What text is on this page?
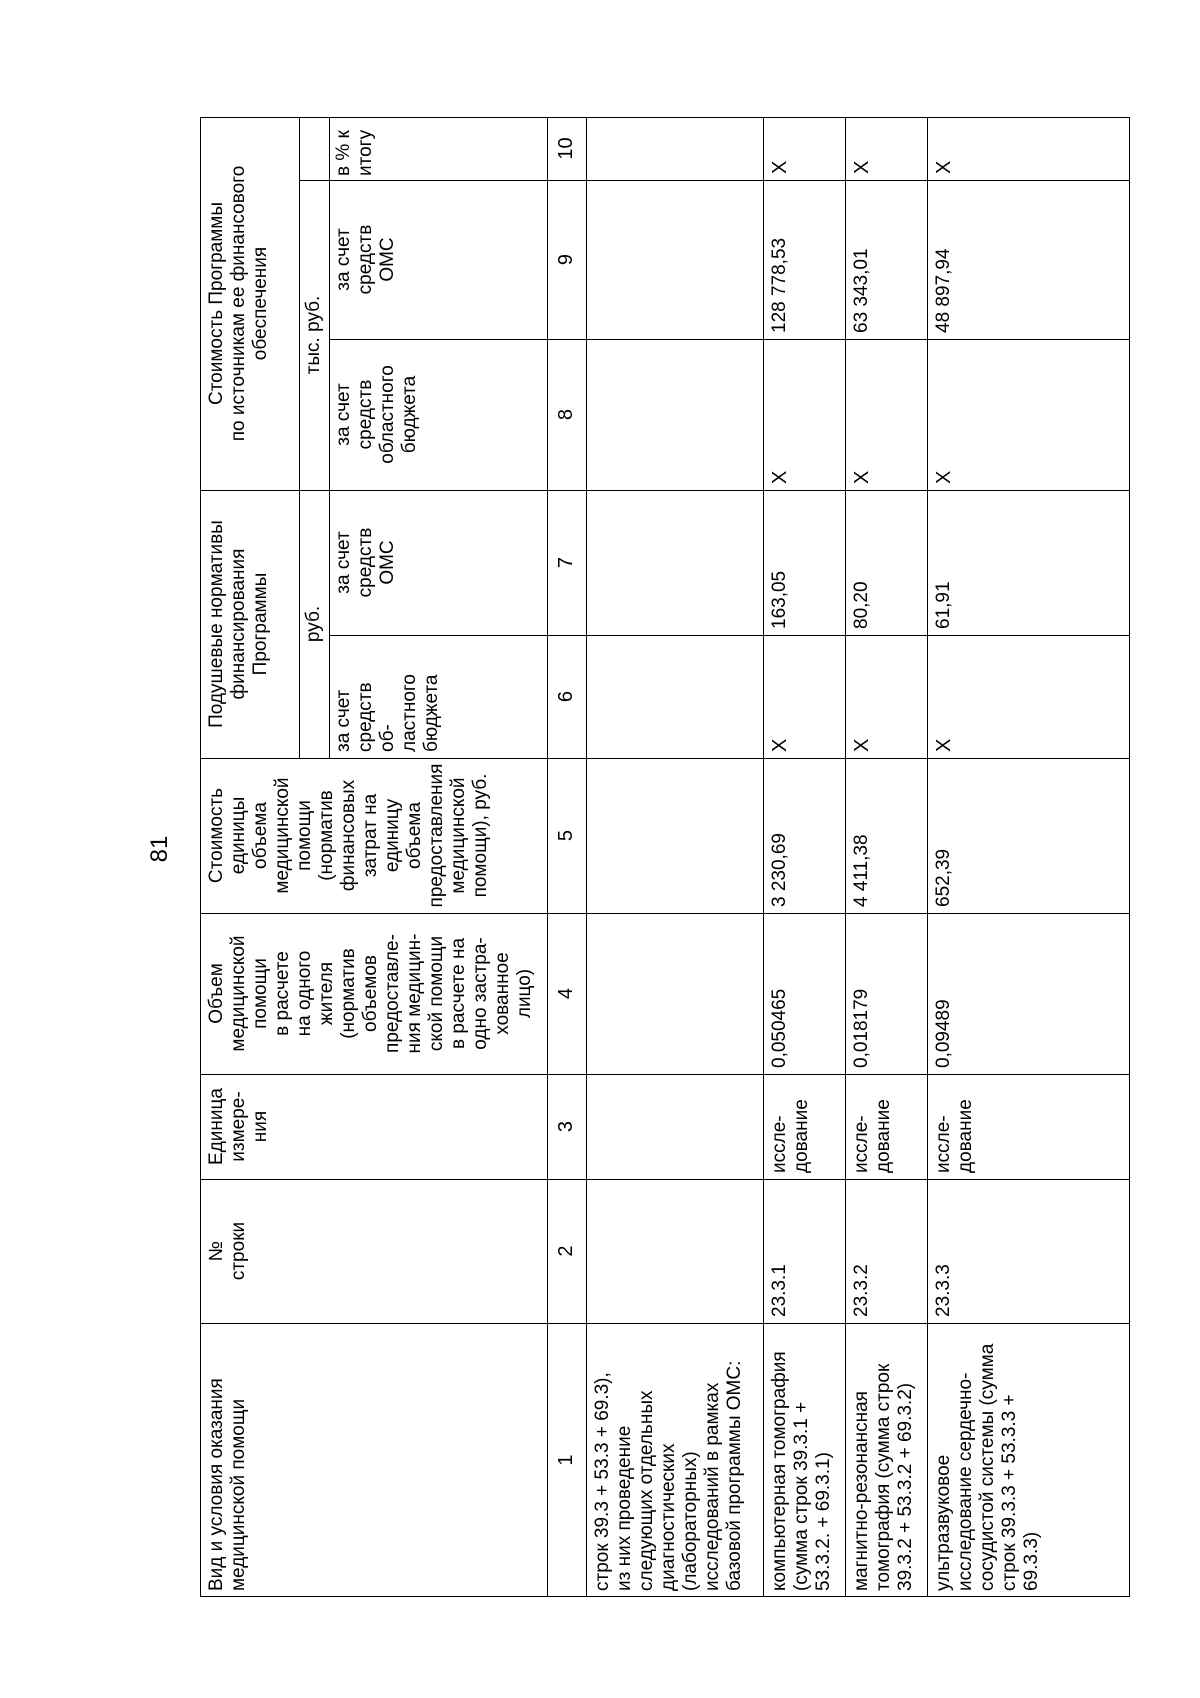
81
Вид и условия оказания
медицинской помощи
№
строки
Единица
измере-
ния
Объем
медицинской
помощи
в расчете
на одного
жителя
(норматив
объемов
предоставле-
ния медицин-
ской помощи
в расчете на
одно застра-
хованное
лицо)
Стоимость
единицы
объема
медицинской
помощи
(норматив
финансовых
затрат на
единицу
объема
предоставления
медицинской
помощи), руб.
Подушевые нормативы
финансирования
Программы руб.
за счет
средств
об-
ластного
бюджета
за счет
средств
ОМС
Стоимость Программы
по источникам ее финансового
обеспечения тыс. руб.
за счет
средств
областного
бюджета
за счет
средств
ОМС
в % к
итогу
1
2
3
4
5
6
7
8
9
10
строк 39.3 + 53.3 + 69.3),
из них проведение
следующих отдельных
диагностических
(лабораторных)
исследований в рамках
базовой программы ОМС:
компьютерная томография
(сумма строк 39.3.1 +
53.3.2. + 69.3.1)
23.3.1
иссле-
дование
0,050465
3 230,69
X
163,05
X
128 778,53
X
магнитно-резонансная
томография (сумма строк
39.3.2 + 53.3.2 + 69.3.2)
23.3.2
иссле-
дование
0,018179
4 411,38
X
80,20
X
63 343,01
X
ультразвуковое
исследование сердечно-
сосудистой системы (сумма
строк 39.3.3 + 53.3.3 +
69.3.3)
23.3.3
иссле-
дование
0,09489
652,39
X
61,91
X
48 897,94
X
